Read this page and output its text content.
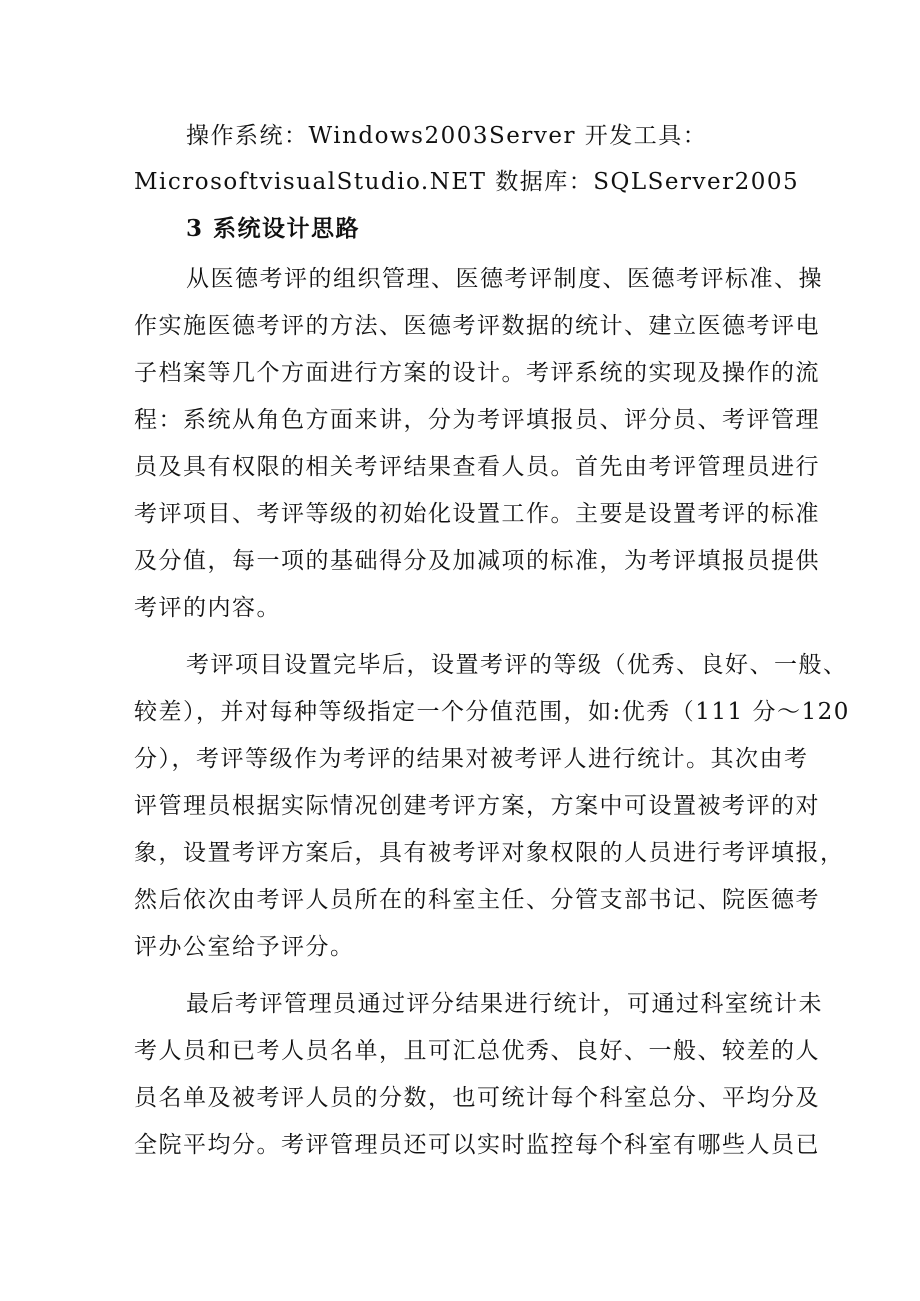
操作系统：Windows2003Server 开发工具：

MicrosoftvisualStudio.NET 数据库：SQLServer2005

3 系统设计思路

从医德考评的组织管理、医德考评制度、医德考评标准、操

作实施医德考评的方法、医德考评数据的统计、建立医德考评电

子档案等几个方面进行方案的设计。考评系统的实现及操作的流

程：系统从角色方面来讲，分为考评填报员、评分员、考评管理

员及具有权限的相关考评结果查看人员。首先由考评管理员进行

考评项目、考评等级的初始化设置工作。主要是设置考评的标准

及分值，每一项的基础得分及加减项的标准，为考评填报员提供

考评的内容。

考评项目设置完毕后，设置考评的等级（优秀、良好、一般、

较差），并对每种等级指定一个分值范围，如:优秀（111 分～120

分），考评等级作为考评的结果对被考评人进行统计。其次由考

评管理员根据实际情况创建考评方案，方案中可设置被考评的对

象，设置考评方案后，具有被考评对象权限的人员进行考评填报，

然后依次由考评人员所在的科室主任、分管支部书记、院医德考

评办公室给予评分。

最后考评管理员通过评分结果进行统计，可通过科室统计未

考人员和已考人员名单，且可汇总优秀、良好、一般、较差的人

员名单及被考评人员的分数，也可统计每个科室总分、平均分及

全院平均分。考评管理员还可以实时监控每个科室有哪些人员已
